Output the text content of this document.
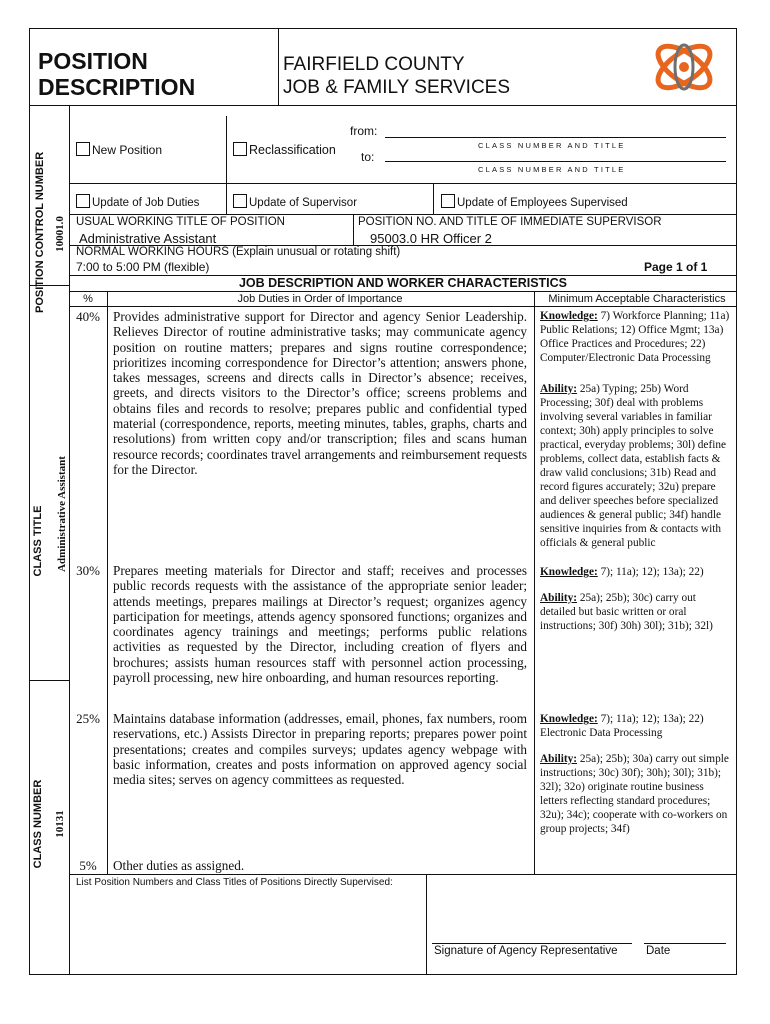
POSITION
DESCRIPTION
FAIRFIELD COUNTY
JOB & FAMILY SERVICES
POSITION CONTROL NUMBER 10001.0
CLASS TITLE Administrative Assistant
CLASS NUMBER 10131
New Position	Reclassification
from:
CLASS NUMBER AND TITLE
to:
CLASS NUMBER AND TITLE
Update of Job Duties	Update of Supervisor	Update of Employees Supervised
USUAL WORKING TITLE OF POSITION
Administrative Assistant
POSITION NO. AND TITLE OF IMMEDIATE SUPERVISOR
95003.0 HR Officer 2
NORMAL WORKING HOURS (Explain unusual or rotating shift)
7:00 to 5:00 PM (flexible)	Page 1 of 1
JOB DESCRIPTION AND WORKER CHARACTERISTICS
%	Job Duties in Order of Importance	Minimum Acceptable Characteristics
40% Provides administrative support for Director and agency Senior Leadership. Relieves Director of routine administrative tasks; may communicate agency position on routine matters; prepares and signs routine correspondence; prioritizes incoming correspondence for Director’s attention; answers phone, takes messages, screens and directs calls in Director’s absence; receives, greets, and directs visitors to the Director’s office; screens problems and obtains files and records to resolve; prepares public and confidential typed material (correspondence, reports, meeting minutes, tables, graphs, charts and resolutions) from written copy and/or transcription; files and scans human resource records; coordinates travel arrangements and reimbursement requests for the Director.
Knowledge: 7) Workforce Planning; 11a) Public Relations; 12) Office Mgmt; 13a) Office Practices and Procedures; 22) Computer/Electronic Data Processing
Ability: 25a) Typing; 25b) Word Processing; 30f) deal with problems involving several variables in familiar context; 30h) apply principles to solve practical, everyday problems; 30l) define problems, collect data, establish facts & draw valid conclusions; 31b) Read and record figures accurately; 32u) prepare and deliver speeches before specialized audiences & general public; 34f) handle sensitive inquiries from & contacts with officials & general public
30% Prepares meeting materials for Director and staff; receives and processes public records requests with the assistance of the appropriate senior leader; attends meetings, prepares mailings at Director’s request; organizes agency participation for meetings, attends agency sponsored functions; organizes and coordinates agency trainings and meetings; performs public relations activities as requested by the Director, including creation of flyers and brochures; assists human resources staff with personnel action processing, payroll processing, new hire onboarding, and human resources reporting.
Knowledge: 7); 11a); 12); 13a); 22)
Ability: 25a); 25b); 30c) carry out detailed but basic written or oral instructions; 30f) 30h) 30l); 31b); 32l)
25% Maintains database information (addresses, email, phones, fax numbers, room reservations, etc.) Assists Director in preparing reports; prepares power point presentations; creates and compiles surveys; updates agency webpage with basic information, creates and posts information on approved agency social media sites; serves on agency committees as requested.
Knowledge: 7); 11a); 12); 13a); 22) Electronic Data Processing
Ability: 25a); 25b); 30a) carry out simple instructions; 30c) 30f); 30h); 30l); 31b); 32l); 32o) originate routine business letters reflecting standard procedures; 32u); 34c); cooperate with co-workers on group projects; 34f)
5%	Other duties as assigned.
List Position Numbers and Class Titles of Positions Directly Supervised:
Signature of Agency Representative Date
